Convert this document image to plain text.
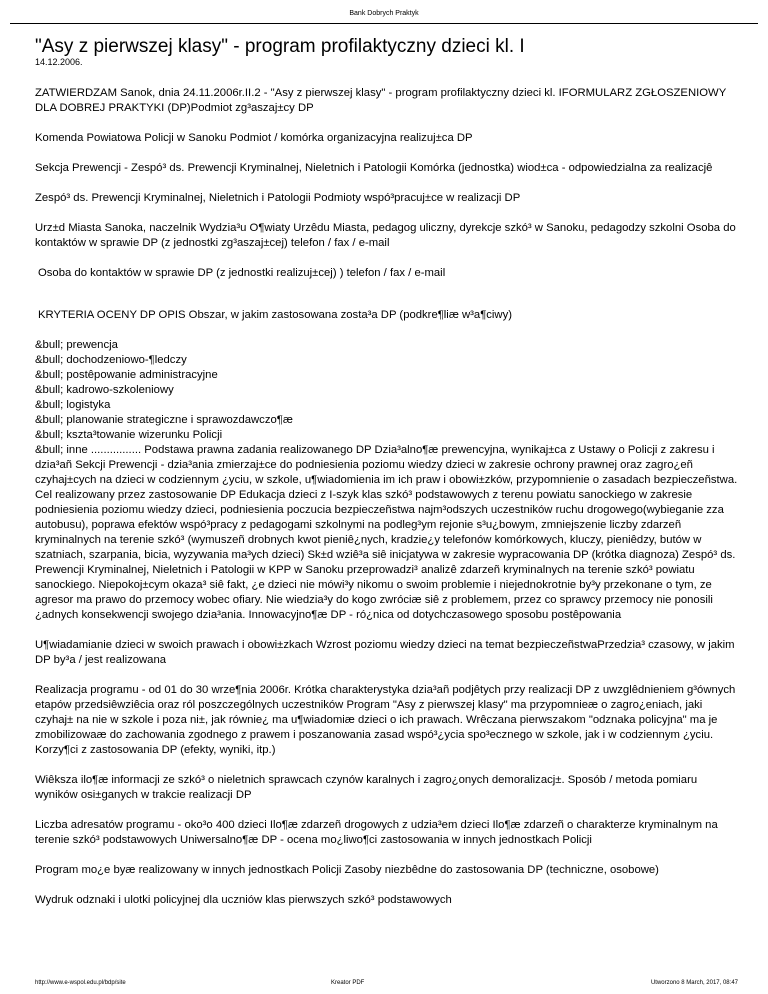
Bank Dobrych Praktyk
"Asy z pierwszej klasy" - program profilaktyczny dzieci kl. I
14.12.2006.

ZATWIERDZAM Sanok, dnia 24.11.2006r.II.2 - "Asy z pierwszej klasy" - program profilaktyczny dzieci kl. IFORMULARZ ZGŁOSZENIOWY DLA DOBREJ PRAKTYKI (DP)Podmiot zg³aszaj±cy DP

Komenda Powiatowa Policji w Sanoku Podmiot / komórka organizacyjna realizuj±ca DP

Sekcja Prewencji - Zespó³ ds. Prewencji Kryminalnej, Nieletnich i Patologii Komórka (jednostka) wiod±ca - odpowiedzialna za realizacjê

Zespó³ ds. Prewencji Kryminalnej, Nieletnich i Patologii Podmioty wspó³pracuj±ce w realizacji DP

Urz±d Miasta Sanoka, naczelnik Wydzia³u O¶wiaty Urzêdu Miasta, pedagog uliczny, dyrekcje szkó³ w Sanoku, pedagodzy szkolni Osoba do kontaktów w sprawie DP (z jednostki zg³aszaj±cej) telefon / fax / e-mail

Osoba do kontaktów w sprawie DP (z jednostki realizuj±cej) ) telefon / fax / e-mail

KRYTERIA OCENY DP OPIS Obszar, w jakim zastosowana zosta³a DP (podkre¶liæ w³a¶ciwy)

&bull; prewencja
&bull; dochodzeniowo-¶ledczy
&bull; postêpowanie administracyjne
&bull; kadrowo-szkoleniowy
&bull; logistyka
&bull; planowanie strategiczne i sprawozdawczo¶æ
&bull; kszta³towanie wizerunku Policji

&bull; inne ................ Podstawa prawna zadania realizowanego DP Dzia³alno¶æ prewencyjna, wynikaj±ca z Ustawy o Policji z zakresu i dzia³añ Sekcji Prewencji - dzia³ania zmierzaj±ce do podniesienia poziomu wiedzy dzieci w zakresie ochrony prawnej oraz zagro¿eñ czyhaj±cych na dzieci w codziennym ¿yciu, w szkole, u¶wiadomienia im ich praw i obowi±zków, przypomnienie o zasadach bezpieczeñstwa. Cel realizowany przez zastosowanie DP Edukacja dzieci z I-szyk klas szkó³ podstawowych z terenu powiatu sanockiego w zakresie podniesienia poziomu wiedzy dzieci, podniesienia poczucia bezpieczeñstwa najm³odszych uczestników ruchu drogowego(wybieganie zza autobusu), poprawa efektów wspó³pracy z pedagogami szkolnymi na podleg³ym rejonie s³u¿bowym, zmniejszenie liczby zdarzeñ kryminalnych na terenie szkó³ (wymuszeñ drobnych kwot pieniê¿nych, kradzie¿y telefonów komórkowych, kluczy, pieniêdzy, butów w szatniach, szarpania, bicia, wyzywania ma³ych dzieci) Sk±d wziê³a siê inicjatywa w zakresie wypracowania DP (krótka diagnoza) Zespó³ ds. Prewencji Kryminalnej, Nieletnich i Patologii w KPP w Sanoku przeprowadzi³ analizê zdarzeñ kryminalnych na terenie szkó³ powiatu sanockiego. Niepokoj±cym okaza³ siê fakt, ¿e dzieci nie mówi³y nikomu o swoim problemie i niejednokrotnie by³y przekonane o tym, ze agresor ma prawo do przemocy wobec ofiary. Nie wiedzia³y do kogo zwróciæ siê z problemem, przez co sprawcy przemocy nie ponosili ¿adnych konsekwencji swojego dzia³ania. Innowacyjno¶æ DP - ró¿nica od dotychczasowego sposobu postêpowania

U¶wiadamianie dzieci w swoich prawach i obowi±zkach Wzrost poziomu wiedzy dzieci na temat bezpieczeñstwaPrzedzia³ czasowy, w jakim DP by³a / jest realizowana

Realizacja programu - od 01 do 30 wrze¶nia 2006r. Krótka charakterystyka dzia³añ podjêtych przy realizacji DP z uwzglêdnieniem g³ównych etapów przedsiêwziêcia oraz ról poszczególnych uczestników Program "Asy z pierwszej klasy" ma przypomnieæ o zagro¿eniach, jaki czyhaj± na nie w szkole i poza ni±, jak równie¿ ma u¶wiadomiæ dzieci o ich prawach. Wrêczana pierwszakom "odznaka policyjna" ma je zmobilizowaæ do zachowania zgodnego z prawem i poszanowania zasad wspó³¿ycia spo³ecznego w szkole, jak i w codziennym ¿yciu. Korzy¶ci z zastosowania DP (efekty, wyniki, itp.)

Wiêksza ilo¶æ informacji ze szkó³ o nieletnich sprawcach czynów karalnych i zagro¿onych demoralizacj±. Sposób / metoda pomiaru wyników osi±ganych w trakcie realizacji DP

Liczba adresatów programu - oko³o 400 dzieci Ilo¶æ zdarzeñ drogowych z udzia³em dzieci Ilo¶æ zdarzeñ o charakterze kryminalnym na terenie szkó³ podstawowych Uniwersalno¶æ DP - ocena mo¿liwo¶ci zastosowania w innych jednostkach Policji

Program mo¿e byæ realizowany w innych jednostkach Policji Zasoby niezbêdne do zastosowania DP (techniczne, osobowe)

Wydruk odznaki i ulotki policyjnej dla uczniów klas pierwszych szkó³ podstawowych

http://www.e-wspol.edu.pl/bdp/site	Kreator PDF	Utworzono 8 March, 2017, 08:47
